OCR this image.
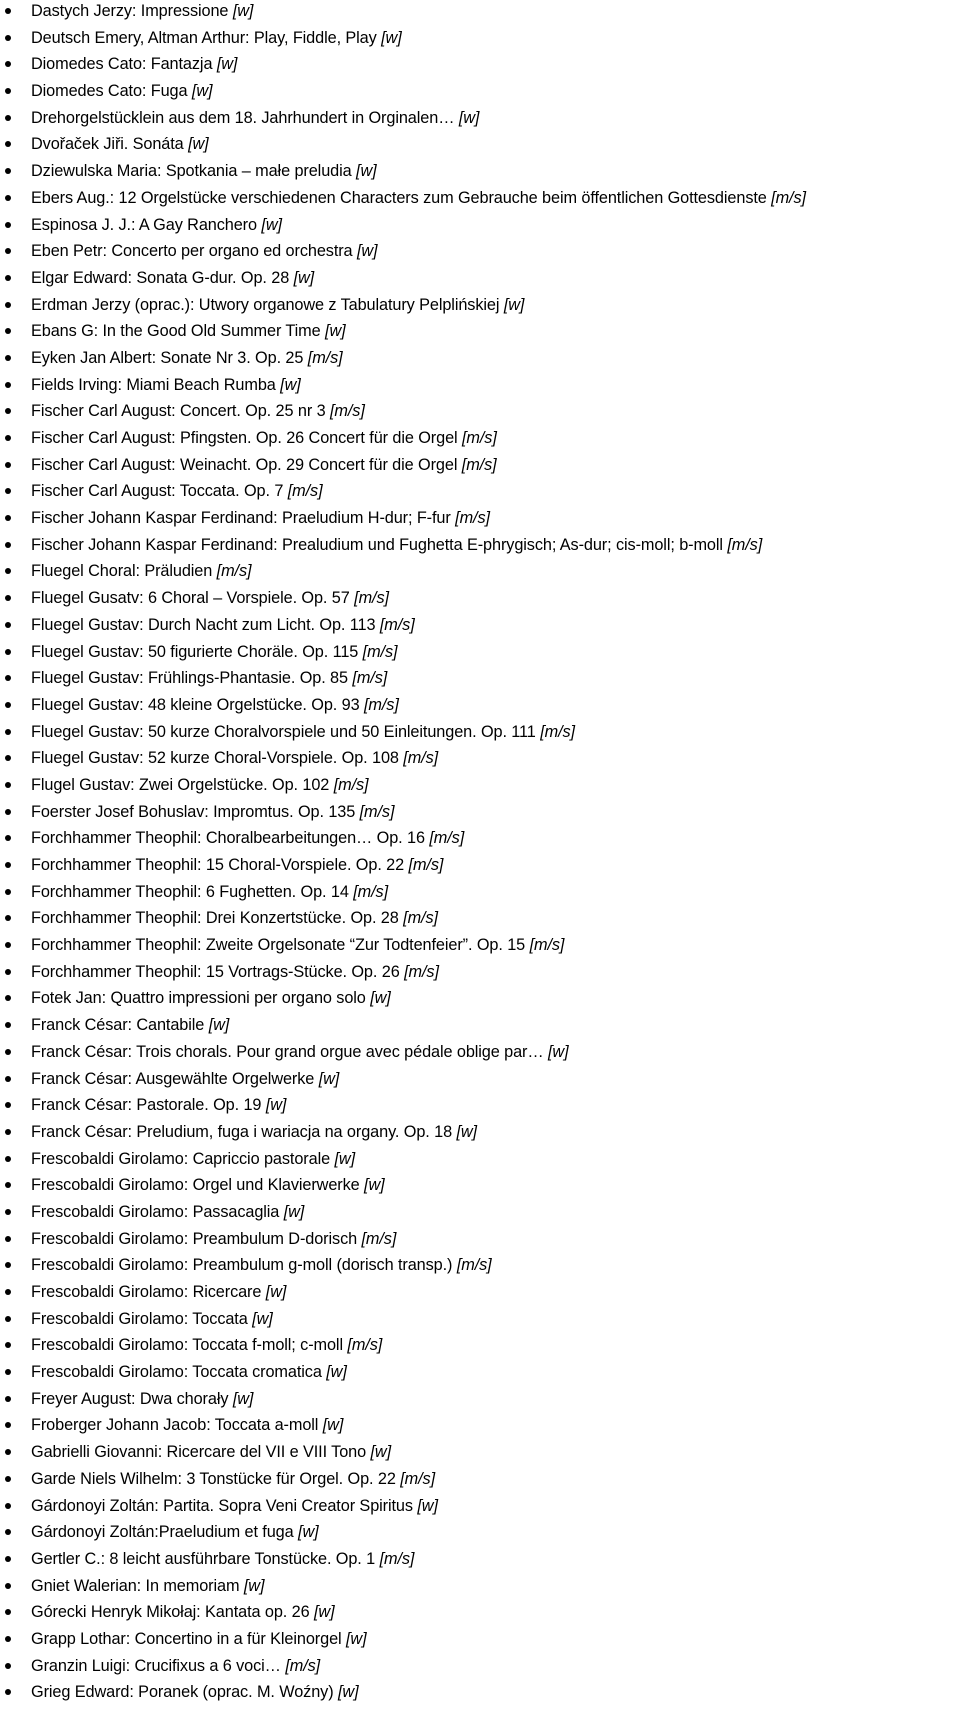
Dastych Jerzy: Impressione [w]
Deutsch Emery, Altman Arthur: Play, Fiddle, Play [w]
Diomedes Cato: Fantazja [w]
Diomedes Cato: Fuga [w]
Drehorgelstücklein aus dem 18. Jahrhundert in Orginalen… [w]
Dvořaček Jiři. Sonáta [w]
Dziewulska Maria: Spotkania – małe preludia [w]
Ebers Aug.: 12 Orgelstücke verschiedenen Characters zum Gebrauche beim öffentlichen Gottesdienste [m/s]
Espinosa J. J.: A Gay Ranchero [w]
Eben Petr: Concerto per organo ed orchestra [w]
Elgar Edward: Sonata G-dur. Op. 28 [w]
Erdman Jerzy (oprac.): Utwory organowe z Tabulatury Pelplińskiej [w]
Ebans G: In the Good Old Summer Time [w]
Eyken Jan Albert: Sonate Nr 3. Op. 25 [m/s]
Fields Irving: Miami Beach Rumba [w]
Fischer Carl August: Concert. Op. 25 nr 3 [m/s]
Fischer Carl August: Pfingsten. Op. 26 Concert für die Orgel [m/s]
Fischer Carl August: Weinacht. Op. 29 Concert für die Orgel [m/s]
Fischer Carl August: Toccata. Op. 7 [m/s]
Fischer Johann Kaspar Ferdinand: Praeludium H-dur; F-fur [m/s]
Fischer Johann Kaspar Ferdinand: Prealudium und Fughetta E-phrygisch; As-dur; cis-moll; b-moll [m/s]
Fluegel Choral: Präludien [m/s]
Fluegel Gusatv: 6 Choral – Vorspiele. Op. 57 [m/s]
Fluegel Gustav: Durch Nacht zum Licht. Op. 113 [m/s]
Fluegel Gustav: 50 figurierte Choräle. Op. 115 [m/s]
Fluegel Gustav: Frühlings-Phantasie. Op. 85 [m/s]
Fluegel Gustav: 48 kleine Orgelstücke. Op. 93 [m/s]
Fluegel Gustav: 50 kurze Choralvorspiele und 50 Einleitungen. Op. 111 [m/s]
Fluegel Gustav: 52 kurze Choral-Vorspiele. Op. 108 [m/s]
Flugel Gustav: Zwei Orgelstücke. Op. 102 [m/s]
Foerster Josef Bohuslav: Impromtus. Op. 135 [m/s]
Forchhammer Theophil: Choralbearbeitungen… Op. 16 [m/s]
Forchhammer Theophil: 15 Choral-Vorspiele. Op. 22 [m/s]
Forchhammer Theophil: 6 Fughetten. Op. 14 [m/s]
Forchhammer Theophil: Drei Konzertstücke. Op. 28 [m/s]
Forchhammer Theophil: Zweite Orgelsonate “Zur Todtenfeier”. Op. 15 [m/s]
Forchhammer Theophil: 15 Vortrags-Stücke. Op. 26 [m/s]
Fotek Jan: Quattro impressioni per organo solo [w]
Franck César: Cantabile [w]
Franck César: Trois chorals. Pour grand orgue avec pédale oblige par… [w]
Franck César: Ausgewählte Orgelwerke [w]
Franck César: Pastorale. Op. 19 [w]
Franck César: Preludium, fuga i wariacja na organy. Op. 18 [w]
Frescobaldi Girolamo: Capriccio pastorale [w]
Frescobaldi Girolamo: Orgel und Klavierwerke [w]
Frescobaldi Girolamo: Passacaglia [w]
Frescobaldi Girolamo: Preambulum D-dorisch [m/s]
Frescobaldi Girolamo: Preambulum g-moll (dorisch transp.) [m/s]
Frescobaldi Girolamo: Ricercare [w]
Frescobaldi Girolamo: Toccata [w]
Frescobaldi Girolamo: Toccata f-moll; c-moll [m/s]
Frescobaldi Girolamo: Toccata cromatica [w]
Freyer August: Dwa chorały [w]
Froberger Johann Jacob: Toccata a-moll [w]
Gabrielli Giovanni: Ricercare del VII e VIII Tono [w]
Garde Niels Wilhelm: 3 Tonstücke für Orgel. Op. 22 [m/s]
Gárdonoyi Zoltán: Partita. Sopra Veni Creator Spiritus [w]
Gárdonoyi Zoltán:Praeludium et fuga [w]
Gertler C.: 8 leicht ausführbare Tonstücke. Op. 1 [m/s]
Gniet Walerian: In memoriam [w]
Górecki Henryk Mikołaj: Kantata op. 26 [w]
Grapp Lothar: Concertino in a für Kleinorgel [w]
Granzin Luigi: Crucifixus a 6 voci… [m/s]
Grieg Edward: Poranek (oprac. M. Woźny) [w]
